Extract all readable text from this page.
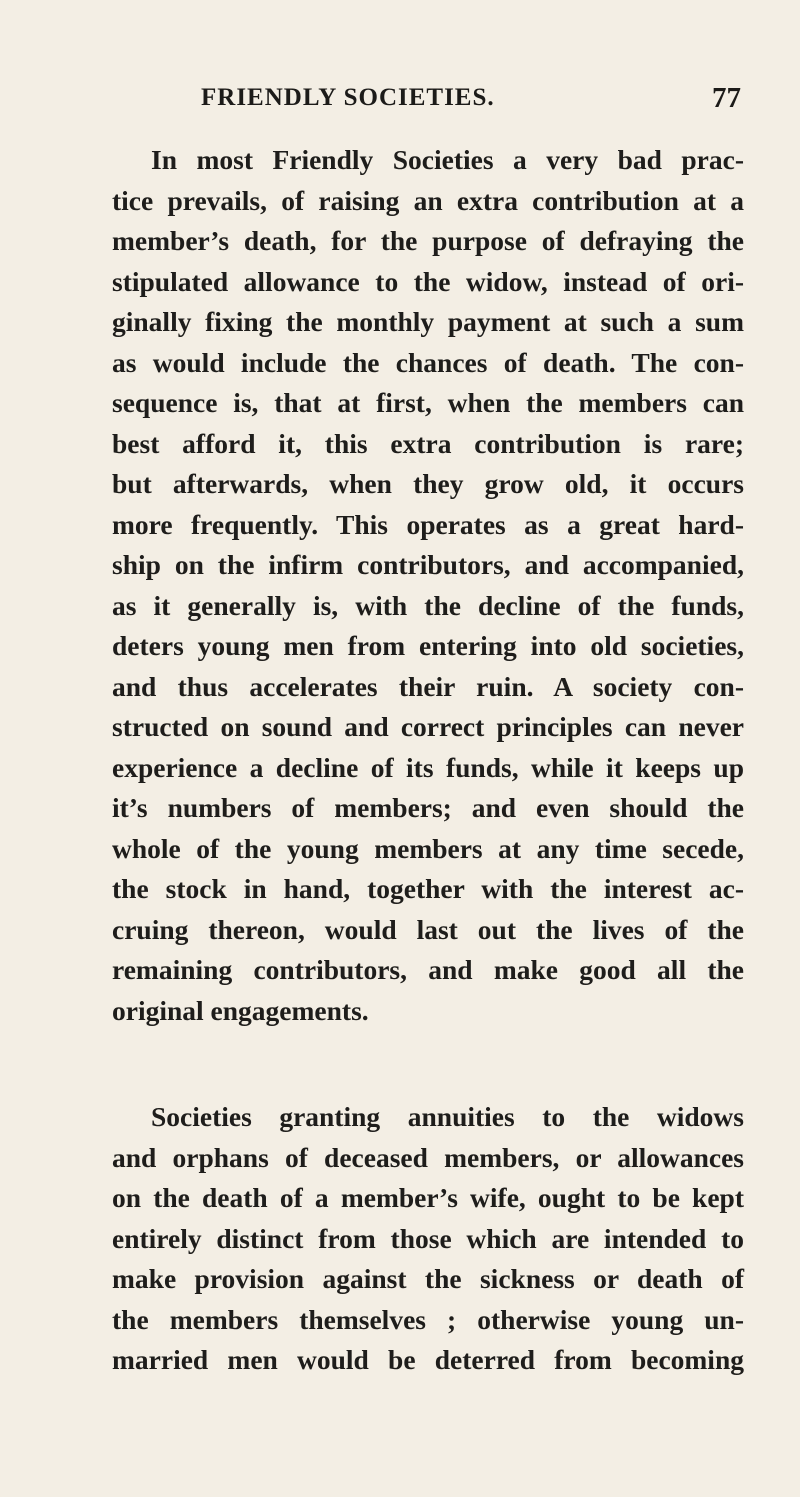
FRIENDLY SOCIETIES.	77
In most Friendly Societies a very bad prac-
tice prevails, of raising an extra contribution at a
member’s death, for the purpose of defraying the
stipulated allowance to the widow, instead of ori-
ginally fixing the monthly payment at such a sum
as would include the chances of death. The con-
sequence is, that at first, when the members can
best afford it, this extra contribution is rare;
but afterwards, when they grow old, it occurs
more frequently. This operates as a great hard-
ship on the infirm contributors, and accompanied,
as it generally is, with the decline of the funds,
deters young men from entering into old societies,
and thus accelerates their ruin. A society con-
structed on sound and correct principles can never
experience a decline of its funds, while it keeps up
it’s numbers of members; and even should the
whole of the young members at any time secede,
the stock in hand, together with the interest ac-
cruing thereon, would last out the lives of the
remaining contributors, and make good all the
original engagements.
Societies granting annuities to the widows
and orphans of deceased members, or allowances
on the death of a member’s wife, ought to be kept
entirely distinct from those which are intended to
make provision against the sickness or death of
the members themselves ; otherwise young un-
married men would be deterred from becoming
